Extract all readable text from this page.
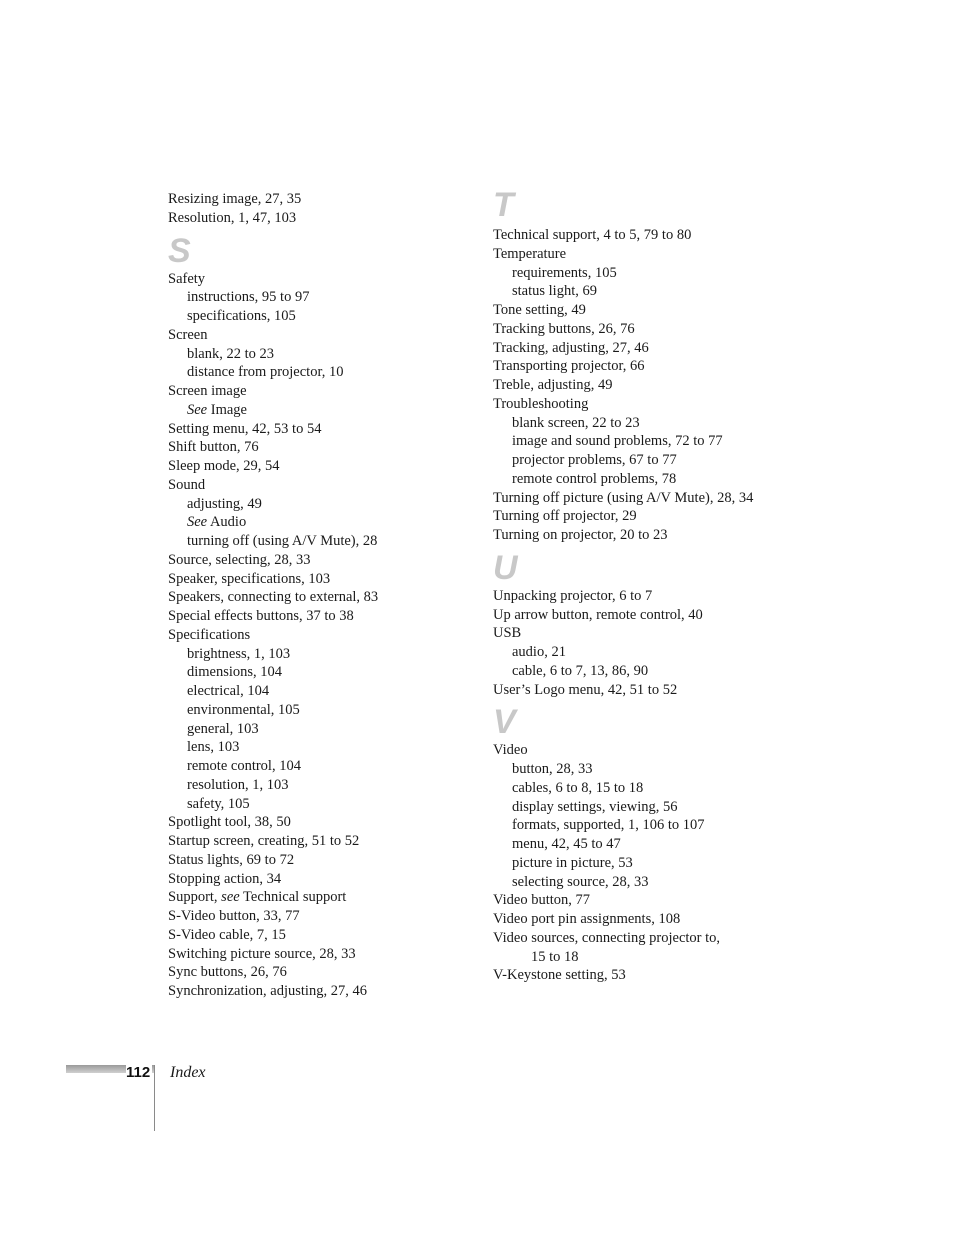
Resizing image, 27, 35
Resolution, 1, 47, 103
S
Safety
instructions, 95 to 97
specifications, 105
Screen
blank, 22 to 23
distance from projector, 10
Screen image
See Image
Setting menu, 42, 53 to 54
Shift button, 76
Sleep mode, 29, 54
Sound
adjusting, 49
See Audio
turning off (using A/V Mute), 28
Source, selecting, 28, 33
Speaker, specifications, 103
Speakers, connecting to external, 83
Special effects buttons, 37 to 38
Specifications
brightness, 1, 103
dimensions, 104
electrical, 104
environmental, 105
general, 103
lens, 103
remote control, 104
resolution, 1, 103
safety, 105
Spotlight tool, 38, 50
Startup screen, creating, 51 to 52
Status lights, 69 to 72
Stopping action, 34
Support, see Technical support
S-Video button, 33, 77
S-Video cable, 7, 15
Switching picture source, 28, 33
Sync buttons, 26, 76
Synchronization, adjusting, 27, 46
T
Technical support, 4 to 5, 79 to 80
Temperature
requirements, 105
status light, 69
Tone setting, 49
Tracking buttons, 26, 76
Tracking, adjusting, 27, 46
Transporting projector, 66
Treble, adjusting, 49
Troubleshooting
blank screen, 22 to 23
image and sound problems, 72 to 77
projector problems, 67 to 77
remote control problems, 78
Turning off picture (using A/V Mute), 28, 34
Turning off projector, 29
Turning on projector, 20 to 23
U
Unpacking projector, 6 to 7
Up arrow button, remote control, 40
USB
audio, 21
cable, 6 to 7, 13, 86, 90
User’s Logo menu, 42, 51 to 52
V
Video
button, 28, 33
cables, 6 to 8, 15 to 18
display settings, viewing, 56
formats, supported, 1, 106 to 107
menu, 42, 45 to 47
picture in picture, 53
selecting source, 28, 33
Video button, 77
Video port pin assignments, 108
Video sources, connecting projector to,
15 to 18
V-Keystone setting, 53
112 Index
